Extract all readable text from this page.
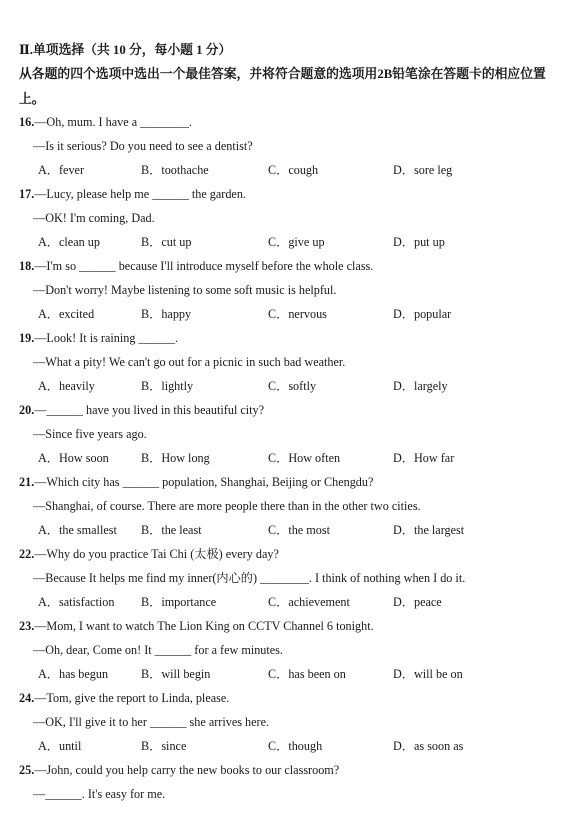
Ⅱ.单项选择（共 10 分，每小题 1 分）
从各题的四个选项中选出一个最佳答案，并将符合题意的选项用2B铅笔涂在答题卡的相应位置
上。
16.—Oh, mum. I have a ________.
—Is it serious? Do you need to see a dentist?
A．fever	B．toothache	C．cough	D．sore leg
17.—Lucy, please help me ______ the garden.
—OK! I'm coming, Dad.
A．clean up	B．cut up	C．give up	D．put up
18.—I'm so ______ because I'll introduce myself before the whole class.
—Don't worry! Maybe listening to some soft music is helpful.
A．excited	B．happy	C．nervous	D．popular
19.—Look! It is raining ______.
—What a pity! We can't go out for a picnic in such bad weather.
A．heavily	B．lightly	C．softly	D．largely
20.—______ have you lived in this beautiful city?
—Since five years ago.
A．How soon	B．How long	C．How often	D．How far
21.—Which city has ______ population, Shanghai, Beijing or Chengdu?
—Shanghai, of course. There are more people there than in the other two cities.
A．the smallest B．the least	C．the most	D．the largest
22.—Why do you practice Tai Chi (太极) every day?
—Because It helps me find my inner(内心的) ________. I think of nothing when I do it.
A．satisfaction B．importance	C．achievement	D．peace
23.—Mom, I want to watch The Lion King on CCTV Channel 6 tonight.
—Oh, dear, Come on! It ______ for a few minutes.
A．has begun	B．will begin	C．has been on	D．will be on
24.—Tom, give the report to Linda, please.
—OK, I'll give it to her ______ she arrives here.
A．until	B．since	C．though	D．as soon as
25.—John, could you help carry the new books to our classroom?
—______. It's easy for me.
